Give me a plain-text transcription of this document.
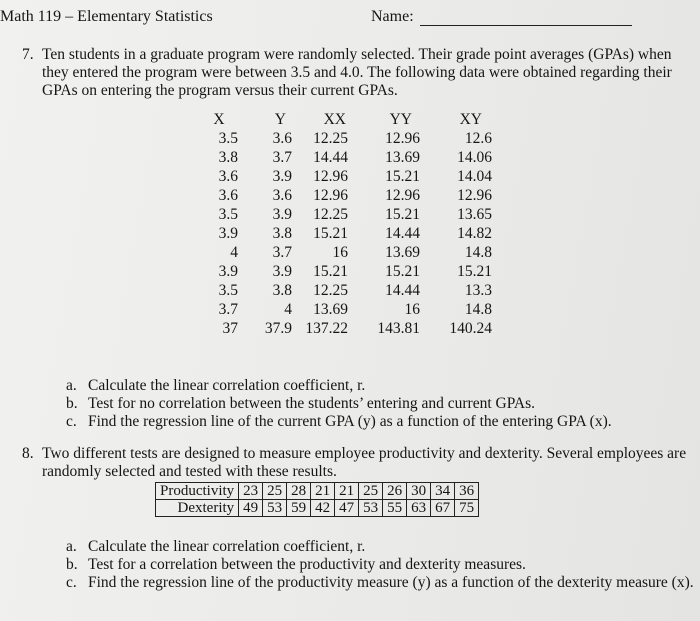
Math 119 – Elementary Statistics	Name:
7. Ten students in a graduate program were randomly selected. Their grade point averages (GPAs) when
they entered the program were between 3.5 and 4.0. The following data were obtained regarding their
GPAs on entering the program versus their current GPAs.
X	Y	XX	YY	XY
3.5	3.6	12.25	12.96	12.6
3.8	3.7	14.44	13.69	14.06
3.6	3.9	12.96	15.21	14.04
3.6	3.6	12.96	12.96	12.96
3.5	3.9	12.25	15.21	13.65
3.9	3.8	15.21	14.44	14.82
4	3.7	16	13.69	14.8
3.9	3.9	15.21	15.21	15.21
3.5	3.8	12.25	14.44	13.3
3.7	4	13.69	16	14.8
37	37.9	137.22	143.81	140.24
a. Calculate the linear correlation coefficient, r.
b. Test for no correlation between the students’ entering and current GPAs.
c. Find the regression line of the current GPA (y) as a function of the entering GPA (x).
8. Two different tests are designed to measure employee productivity and dexterity. Several employees are
randomly selected and tested with these results.
Productivity	23	25	28	21	21	25	26	30	34	36
Dexterity	49	53	59	42	47	53	55	63	67	75
a. Calculate the linear correlation coefficient, r.
b. Test for a correlation between the productivity and dexterity measures.
c. Find the regression line of the productivity measure (y) as a function of the dexterity measure (x).
